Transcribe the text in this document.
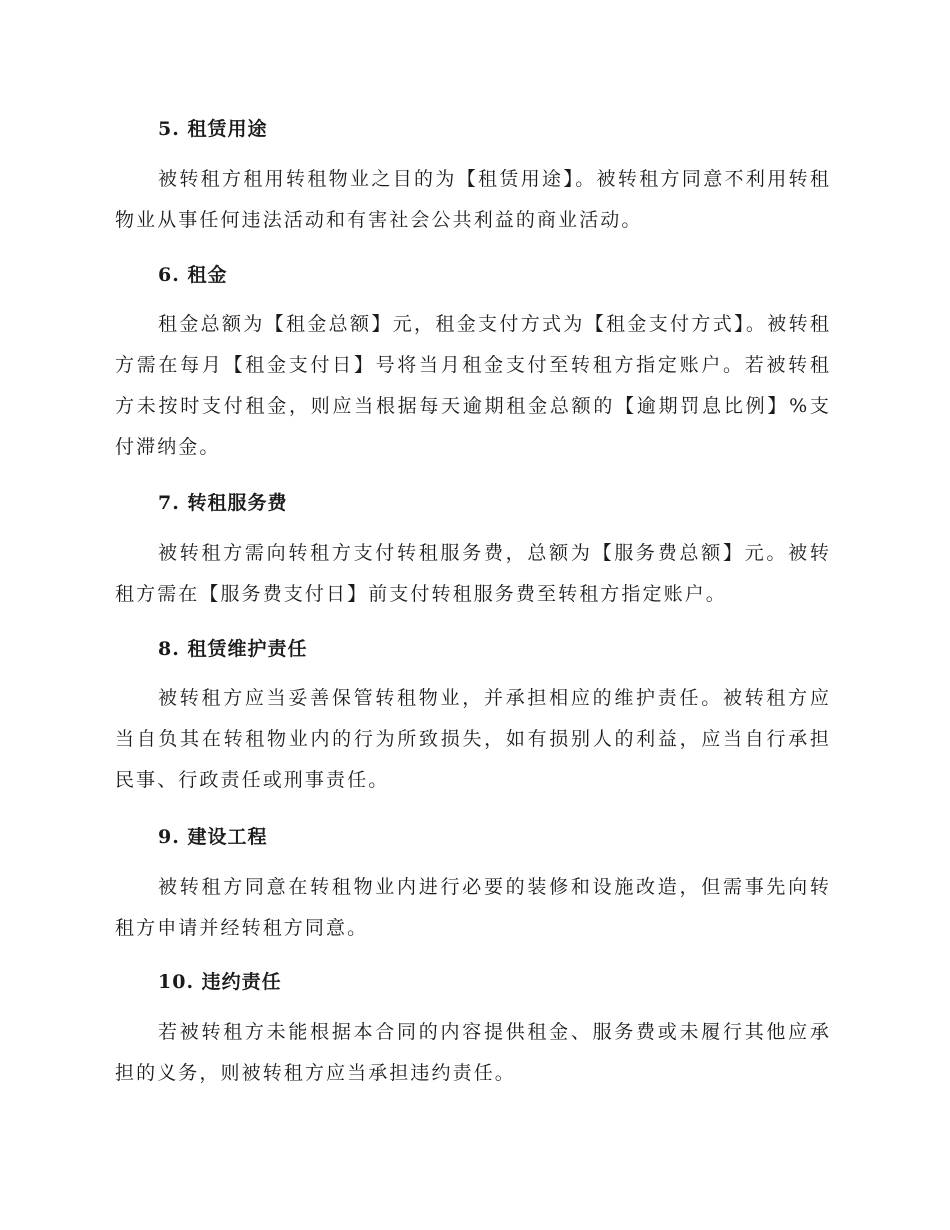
5. 租赁用途

被转租方租用转租物业之目的为【租赁用途】。被转租方同意不利用转租物业从事任何违法活动和有害社会公共利益的商业活动。

6. 租金

租金总额为【租金总额】元，租金支付方式为【租金支付方式】。被转租方需在每月【租金支付日】号将当月租金支付至转租方指定账户。若被转租方未按时支付租金，则应当根据每天逾期租金总额的【逾期罚息比例】%支付滞纳金。

7. 转租服务费

被转租方需向转租方支付转租服务费，总额为【服务费总额】元。被转租方需在【服务费支付日】前支付转租服务费至转租方指定账户。

8. 租赁维护责任

被转租方应当妥善保管转租物业，并承担相应的维护责任。被转租方应当自负其在转租物业内的行为所致损失，如有损别人的利益，应当自行承担民事、行政责任或刑事责任。

9. 建设工程

被转租方同意在转租物业内进行必要的装修和设施改造，但需事先向转租方申请并经转租方同意。

10. 违约责任

若被转租方未能根据本合同的内容提供租金、服务费或未履行其他应承担的义务，则被转租方应当承担违约责任。
